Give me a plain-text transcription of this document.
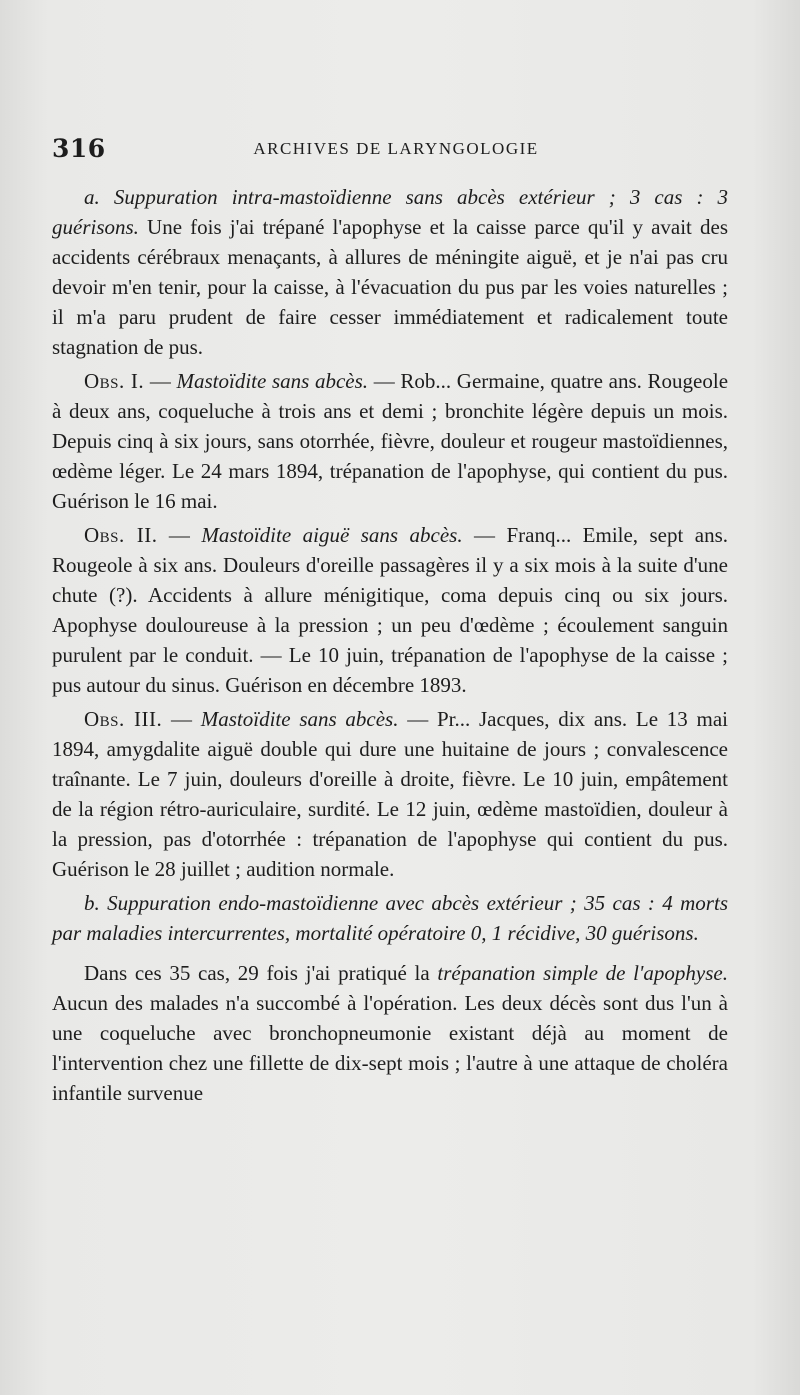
316	ARCHIVES DE LARYNGOLOGIE

a. Suppuration intra-mastoïdienne sans abcès extérieur ; 3 cas : 3 guérisons. Une fois j'ai trépané l'apophyse et la caisse parce qu'il y avait des accidents cérébraux menaçants, à allures de méningite aiguë, et je n'ai pas cru devoir m'en tenir, pour la caisse, à l'évacuation du pus par les voies naturelles ; il m'a paru prudent de faire cesser immédiatement et radicalement toute stagnation de pus.

Obs. I. — Mastoïdite sans abcès. — Rob... Germaine, quatre ans. Rougeole à deux ans, coqueluche à trois ans et demi ; bronchite légère depuis un mois. Depuis cinq à six jours, sans otorrhée, fièvre, douleur et rougeur mastoïdiennes, œdème léger. Le 24 mars 1894, trépanation de l'apophyse, qui contient du pus. Guérison le 16 mai.

Obs. II. — Mastoïdite aiguë sans abcès. — Franq... Emile, sept ans. Rougeole à six ans. Douleurs d'oreille passagères il y a six mois à la suite d'une chute (?). Accidents à allure ménigitique, coma depuis cinq ou six jours. Apophyse douloureuse à la pression ; un peu d'œdème ; écoulement sanguin purulent par le conduit. — Le 10 juin, trépanation de l'apophyse de la caisse ; pus autour du sinus. Guérison en décembre 1893.

Obs. III. — Mastoïdite sans abcès. — Pr... Jacques, dix ans. Le 13 mai 1894, amygdalite aiguë double qui dure une huitaine de jours ; convalescence traînante. Le 7 juin, douleurs d'oreille à droite, fièvre. Le 10 juin, empâtement de la région rétro-auriculaire, surdité. Le 12 juin, œdème mastoïdien, douleur à la pression, pas d'otorrhée : trépanation de l'apophyse qui contient du pus. Guérison le 28 juillet ; audition normale.

b. Suppuration endo-mastoïdienne avec abcès extérieur ; 35 cas : 4 morts par maladies intercurrentes, mortalité opératoire 0, 1 récidive, 30 guérisons.

Dans ces 35 cas, 29 fois j'ai pratiqué la trépanation simple de l'apophyse. Aucun des malades n'a succombé à l'opération. Les deux décès sont dus l'un à une coqueluche avec bronchopneumonie existant déjà au moment de l'intervention chez une fillette de dix-sept mois ; l'autre à une attaque de choléra infantile survenue
